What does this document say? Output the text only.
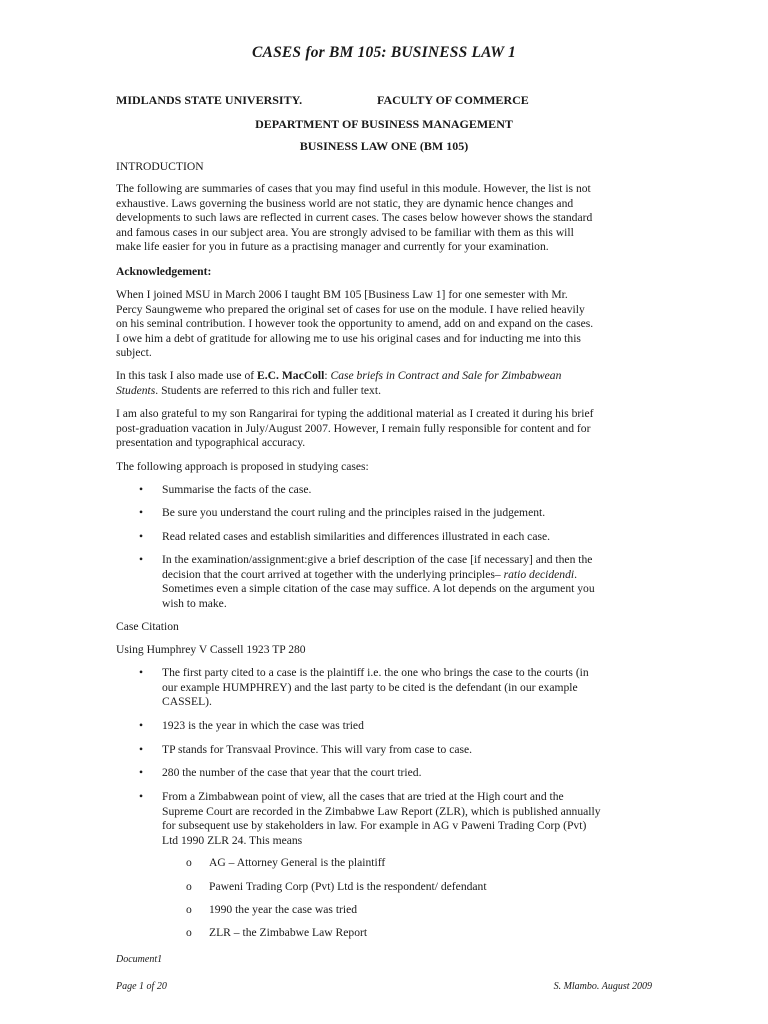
CASES for BM 105: BUSINESS LAW 1
MIDLANDS STATE UNIVERSITY.	FACULTY OF COMMERCE
DEPARTMENT OF BUSINESS MANAGEMENT
BUSINESS LAW ONE (BM 105)
INTRODUCTION
The following are summaries of cases that you may find useful in this module. However, the list is not
exhaustive. Laws governing the business world are not static, they are dynamic hence changes and
developments to such laws are reflected in current cases. The cases below however shows the standard
and famous cases in our subject area. You are strongly advised to be familiar with them as this will
make life easier for you in future as a practising manager and currently for your examination.
Acknowledgement:
When I joined MSU in March 2006 I taught BM 105 [Business Law 1] for one semester with Mr.
Percy Saungweme who prepared the original set of cases for use on the module. I have relied heavily
on his seminal contribution. I however took the opportunity to amend, add on and expand on the cases.
I owe him a debt of gratitude for allowing me to use his original cases and for inducting me into this
subject.
In this task I also made use of E.C. MacColl: Case briefs in Contract and Sale for Zimbabwean
Students. Students are referred to this rich and fuller text.
I am also grateful to my son Rangarirai for typing the additional material as I created it during his brief
post-graduation vacation in July/August 2007. However, I remain fully responsible for content and for
presentation and typographical accuracy.
The following approach is proposed in studying cases:
• Summarise the facts of the case.
• Be sure you understand the court ruling and the principles raised in the judgement.
• Read related cases and establish similarities and differences illustrated in each case.
• In the examination/assignment:give a brief description of the case [if necessary] and then the
decision that the court arrived at together with the underlying principles– ratio decidendi.
Sometimes even a simple citation of the case may suffice. A lot depends on the argument you
wish to make.
Case Citation
Using Humphrey V Cassell 1923 TP 280
• The first party cited to a case is the plaintiff i.e. the one who brings the case to the courts (in
our example HUMPHREY) and the last party to be cited is the defendant (in our example
CASSEL).
• 1923 is the year in which the case was tried
• TP stands for Transvaal Province. This will vary from case to case.
• 280 the number of the case that year that the court tried.
• From a Zimbabwean point of view, all the cases that are tried at the High court and the
Supreme Court are recorded in the Zimbabwe Law Report (ZLR), which is published annually
for subsequent use by stakeholders in law. For example in AG v Paweni Trading Corp (Pvt)
Ltd 1990 ZLR 24. This means
o AG – Attorney General is the plaintiff
o Paweni Trading Corp (Pvt) Ltd is the respondent/ defendant
o 1990 the year the case was tried
o ZLR – the Zimbabwe Law Report
Document1
Page 1 of 20	S. Mlambo. August 2009
